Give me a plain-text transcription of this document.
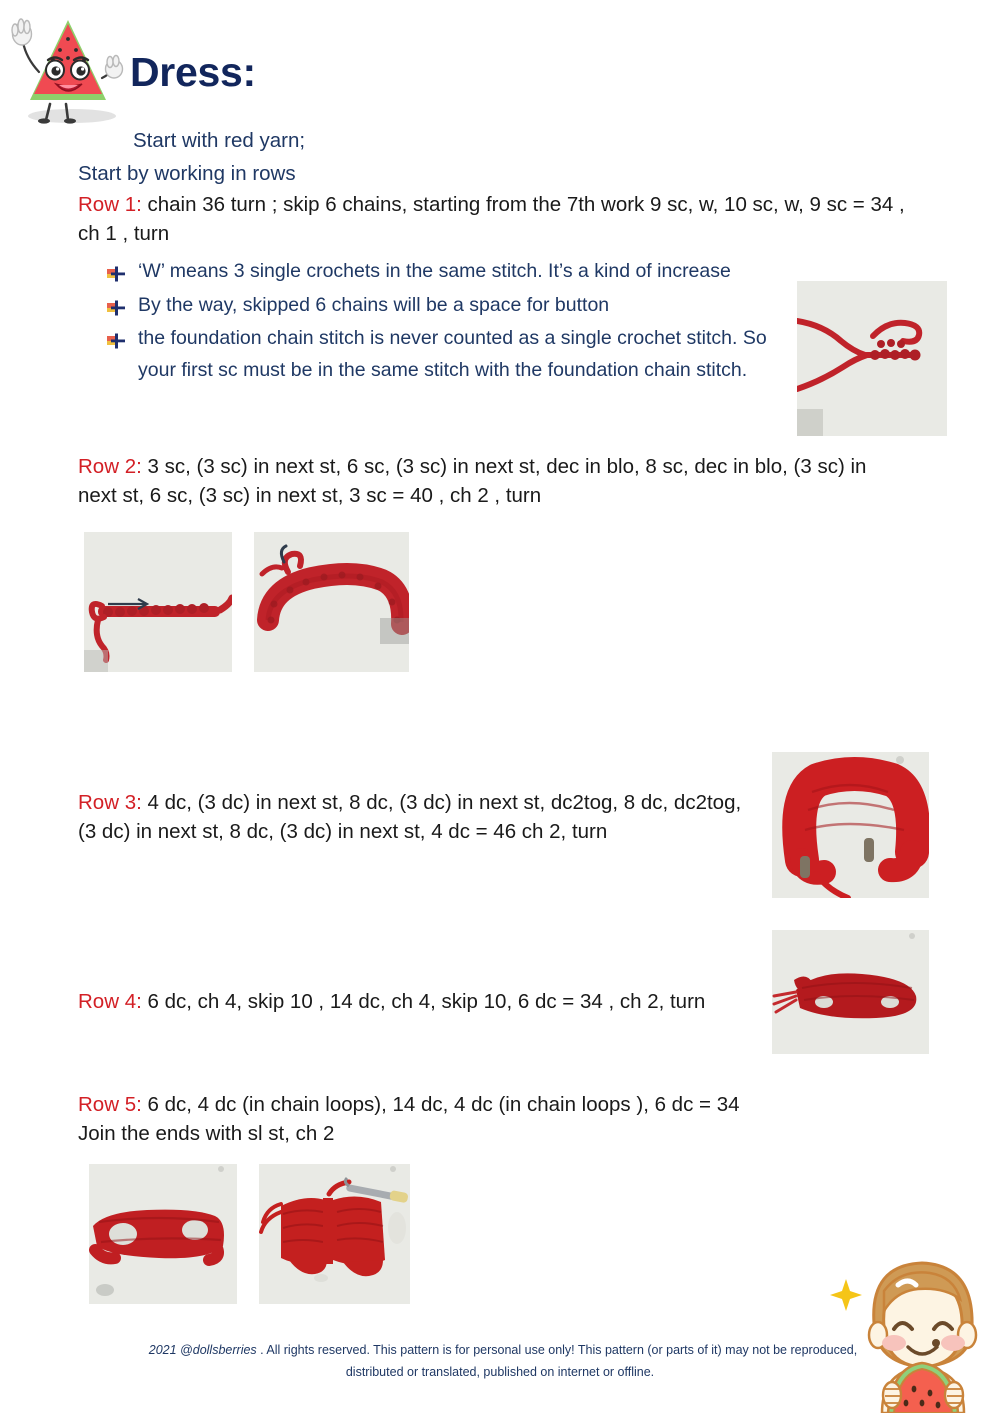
Dress:
Start with red yarn;
Start by working in rows
Row 1: chain 36 turn ; skip 6 chains, starting from the 7th work 9 sc, w, 10 sc, w, 9 sc = 34 , ch 1 , turn
‘W’ means 3 single crochets in the same stitch. It’s a kind of increase
By the way, skipped 6 chains will be a space for button
the foundation chain stitch is never counted as a single crochet stitch. So your first sc must be in the same stitch with the foundation chain stitch.
Row 2: 3 sc, (3 sc) in next st, 6 sc, (3 sc) in next st, dec in blo, 8 sc, dec in blo, (3 sc) in next st, 6 sc, (3 sc) in next st, 3 sc = 40 , ch 2 , turn
Row 3: 4 dc, (3 dc) in next st, 8 dc, (3 dc) in next st, dc2tog, 8 dc, dc2tog, (3 dc) in next st, 8 dc, (3 dc) in next st, 4 dc = 46 ch 2, turn
Row 4: 6 dc, ch 4, skip 10 , 14 dc, ch 4, skip 10, 6 dc = 34 , ch 2, turn
Row 5: 6 dc, 4 dc (in chain loops), 14 dc, 4 dc (in chain loops ), 6 dc = 34
Join the ends with sl st, ch 2
2021 @dollsberries . All rights reserved. This pattern is for personal use only! This pattern (or parts of it) may not be reproduced,
distributed or translated, published on internet or offline.
